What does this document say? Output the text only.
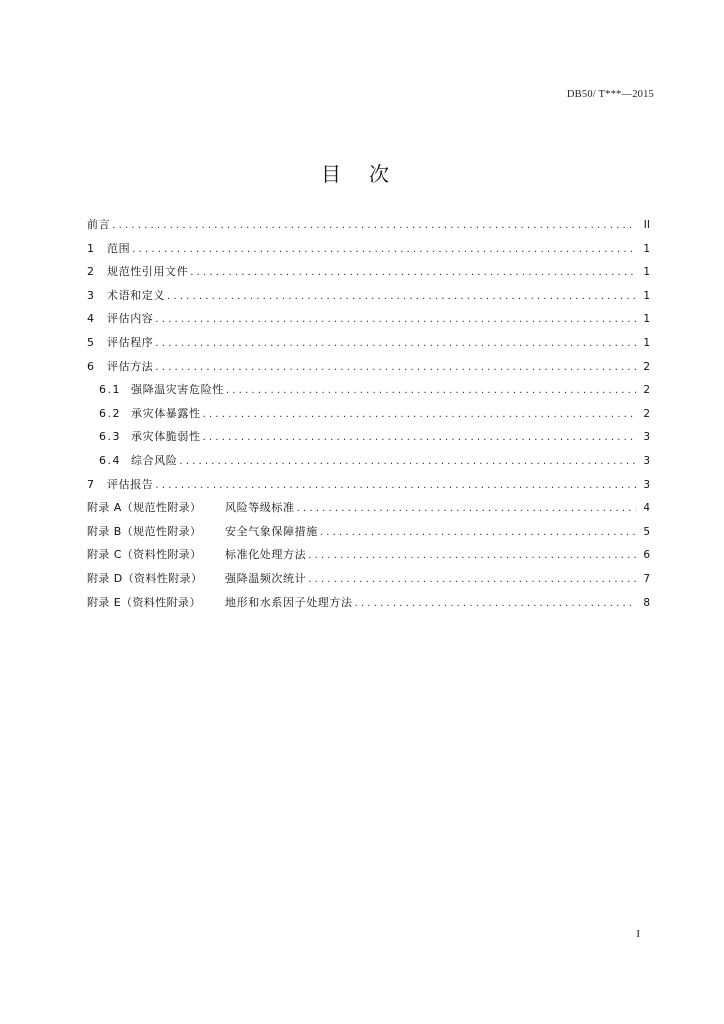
DB50/ T***—2015
目次
前言 .....	II
1	范围 .....	1
2	规范性引用文件 .....	1
3	术语和定义 .....	1
4	评估内容 .....	1
5	评估程序 .....	1
6	评估方法 .....	2
6.1 强降温灾害危险性 .....	2
6.2 承灾体暴露性 .....	2
6.3 承灾体脆弱性 .....	3
6.4 综合风险 .....	3
7	评估报告 .....	3
附录 A（规范性附录）	风险等级标准 .....	4
附录 B（规范性附录）	安全气象保障措施 .....	5
附录 C（资料性附录）	标准化处理方法 .....	6
附录 D（资料性附录）	强降温频次统计 .....	7
附录 E（资料性附录）	地形和水系因子处理方法 .....	8
I
